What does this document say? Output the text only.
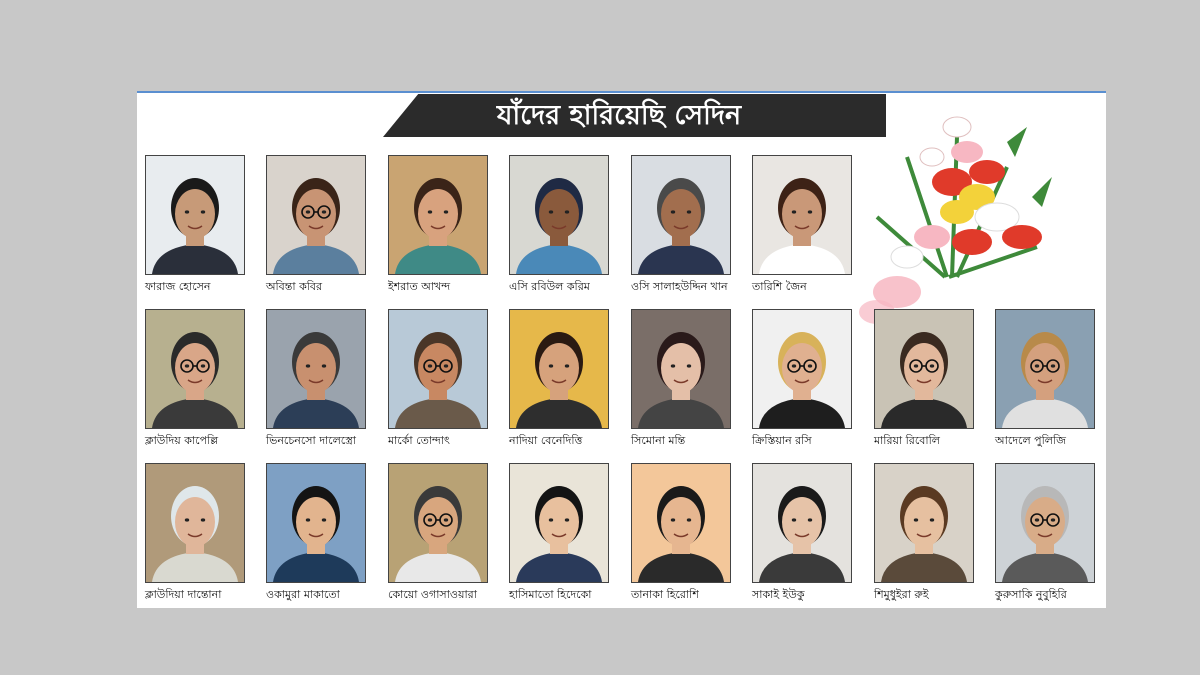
যাঁদের হারিয়েছি সেদিন
ফারাজ হোসেন	অবিন্তা কবির	ইশরাত আখন্দ	এসি রবিউল করিম	ওসি সালাহউদ্দিন খান	তারিশি জৈন
ক্লাউদিয় কাপেল্লি	ভিনচেনসো দালেস্ত্রো	মার্কো তোন্দাৎ	নাদিয়া বেনেদিত্তি	সিমোনা মন্তি	ক্রিস্তিয়ান রসি	মারিয়া রিবোলি	আদেলে পুলিজি
ক্লাউদিয়া দান্তোনা	ওকামুরা মাকাতো	কোয়ো ওগাসাওয়ারা	হাসিমাতো হিদেকো	তানাকা হিরোশি	সাকাই ইউকু	শিমুধুইরা রুই	কুরুসাকি নুবুহিরি
